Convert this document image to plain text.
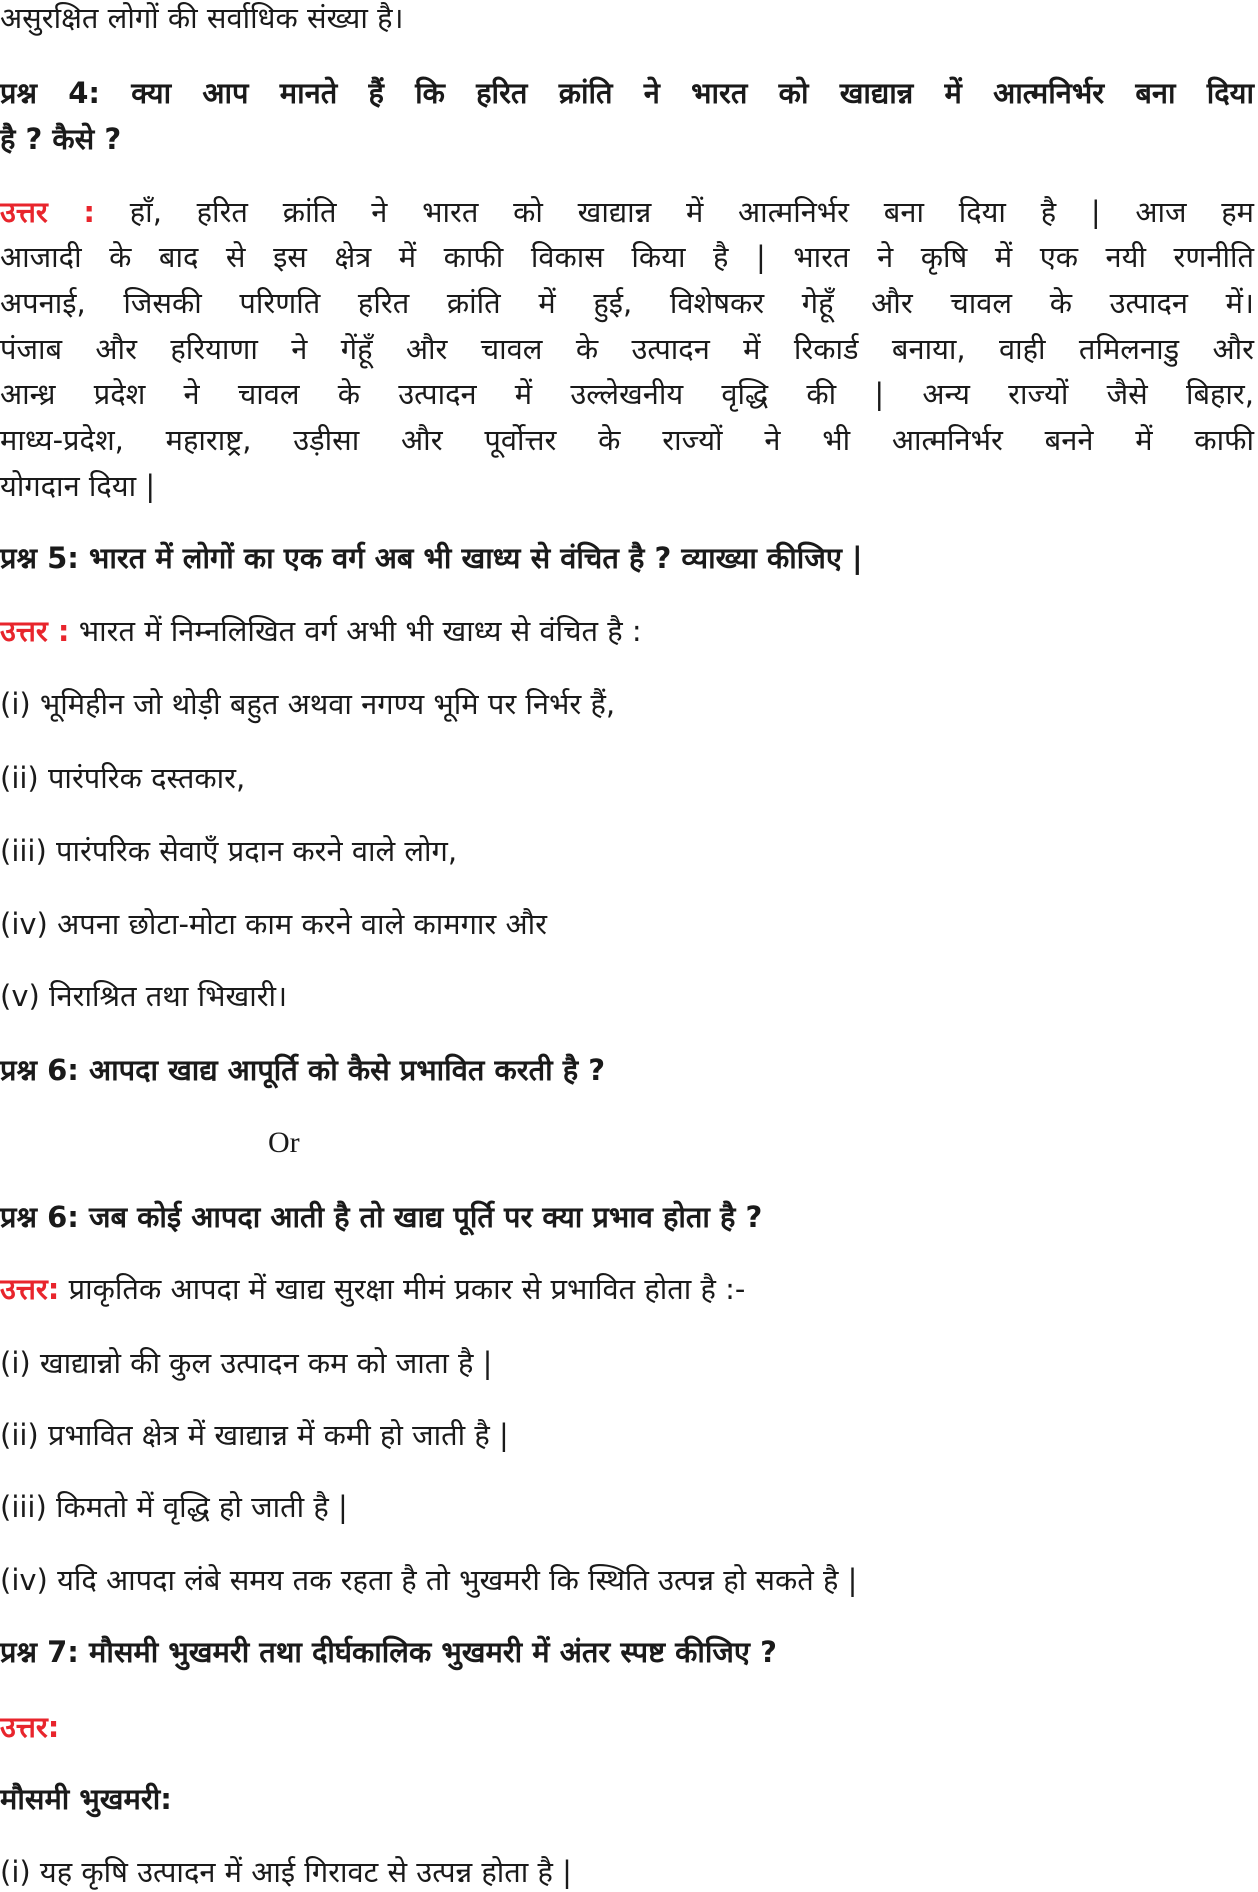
असुरक्षित लोगों की सर्वाधिक संख्या है।
प्रश्न 4: क्या आप मानते हैं कि हरित क्रांति ने भारत को खाद्यान्न में आत्मनिर्भर बना दिया
है ? कैसे ?
उत्तर : हाँ, हरित क्रांति ने भारत को खाद्यान्न में आत्मनिर्भर बना दिया है | आज हम
आजादी के बाद से इस क्षेत्र में काफी विकास किया है | भारत ने कृषि में एक नयी रणनीति
अपनाई, जिसकी परिणति हरित क्रांति में हुई, विशेषकर गेहूँ और चावल के उत्पादन में।
पंजाब और हरियाणा ने गेंहूँ और चावल के उत्पादन में रिकार्ड बनाया, वाही तमिलनाडु और
आन्ध्र प्रदेश ने चावल के उत्पादन में उल्लेखनीय वृद्धि की | अन्य राज्यों जैसे बिहार,
माध्य-प्रदेश, महाराष्ट्र, उड़ीसा और पूर्वोत्तर के राज्यों ने भी आत्मनिर्भर बनने में काफी
योगदान दिया |
प्रश्न 5: भारत में लोगों का एक वर्ग अब भी खाध्य से वंचित है ? व्याख्या कीजिए |
उत्तर : भारत में निम्नलिखित वर्ग अभी भी खाध्य से वंचित है :
(i) भूमिहीन जो थोड़ी बहुत अथवा नगण्य भूमि पर निर्भर हैं,
(ii) पारंपरिक दस्तकार,
(iii) पारंपरिक सेवाएँ प्रदान करने वाले लोग,
(iv) अपना छोटा-मोटा काम करने वाले कामगार और
(v) निराश्रित तथा भिखारी।
प्रश्न 6: आपदा खाद्य आपूर्ति को कैसे प्रभावित करती है ?
Or
प्रश्न 6: जब कोई आपदा आती है तो खाद्य पूर्ति पर क्या प्रभाव होता है ?
उत्तर: प्राकृतिक आपदा में खाद्य सुरक्षा मीमं प्रकार से प्रभावित होता है :-
(i) खाद्यान्नो की कुल उत्पादन कम को जाता है |
(ii) प्रभावित क्षेत्र में खाद्यान्न में कमी हो जाती है |
(iii) किमतो में वृद्धि हो जाती है |
(iv) यदि आपदा लंबे समय तक रहता है तो भुखमरी कि स्थिति उत्पन्न हो सकते है |
प्रश्न 7: मौसमी भुखमरी तथा दीर्घकालिक भुखमरी में अंतर स्पष्ट कीजिए ?
उत्तर:
मौसमी भुखमरी:
(i) यह कृषि उत्पादन में आई गिरावट से उत्पन्न होता है |
